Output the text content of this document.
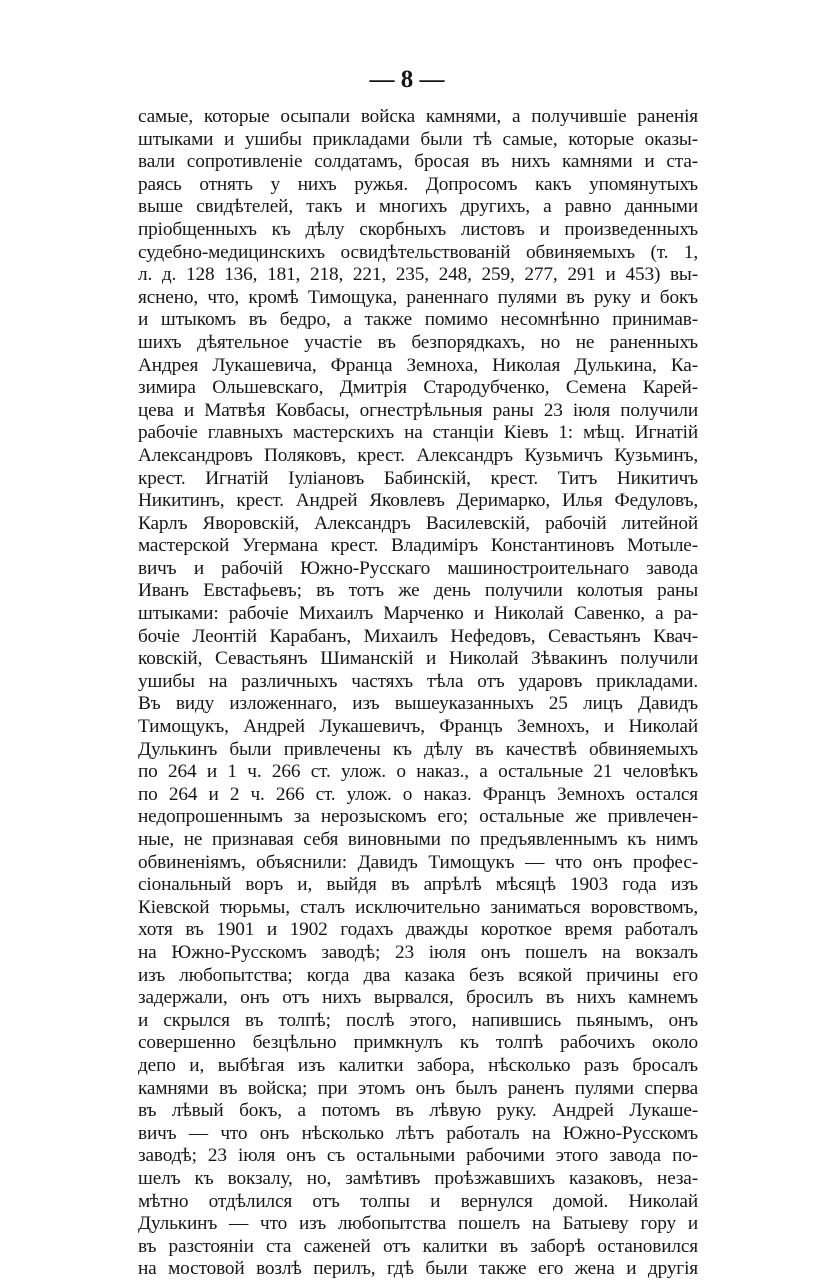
— 8 —
самые, которые осыпали войска камнями, а получившіе раненія
штыками и ушибы прикладами были тѣ самые, которые оказы-
вали сопротивленіе солдатамъ, бросая въ нихъ камнями и ста-
раясь отнять у нихъ ружья. Допросомъ какъ упомянутыхъ
выше свидѣтелей, такъ и многихъ другихъ, а равно данными
пріобщенныхъ къ дѣлу скорбныхъ листовъ и произведенныхъ
судебно-медицинскихъ освидѣтельствованій обвиняемыхъ (т. 1,
л. д. 128 136, 181, 218, 221, 235, 248, 259, 277, 291 и 453) вы-
яснено, что, кромѣ Тимощука, раненнаго пулями въ руку и бокъ
и штыкомъ въ бедро, а также помимо несомнѣнно принимав-
шихъ дѣятельное участіе въ безпорядкахъ, но не раненныхъ
Андрея Лукашевича, Франца Земноха, Николая Дулькина, Ка-
зимира Ольшевскаго, Дмитрія Стародубченко, Семена Карей-
цева и Матвѣя Ковбасы, огнестрѣльныя раны 23 іюля получили
рабочіе главныхъ мастерскихъ на станціи Кіевъ 1: мѣщ. Игнатій
Александровъ Поляковъ, крест. Александръ Кузьмичъ Кузьминъ,
крест. Игнатій Іуліановъ Бабинскій, крест. Титъ Никитичъ
Никитинъ, крест. Андрей Яковлевъ Деримарко, Илья Федуловъ,
Карлъ Яворовскій, Александръ Василевскій, рабочій литейной
мастерской Угермана крест. Владиміръ Константиновъ Мотыле-
вичъ и рабочій Южно-Русскаго машиностроительнаго завода
Иванъ Евстафьевъ; въ тотъ же день получили колотыя раны
штыками: рабочіе Михаилъ Марченко и Николай Савенко, а ра-
бочіе Леонтій Карабанъ, Михаилъ Нефедовъ, Севастьянъ Квач-
ковскій, Севастьянъ Шиманскій и Николай Зѣвакинъ получили
ушибы на различныхъ частяхъ тѣла отъ ударовъ прикладами.
Въ виду изложеннаго, изъ вышеуказанныхъ 25 лицъ Давидъ
Тимощукъ, Андрей Лукашевичъ, Францъ Земнохъ, и Николай
Дулькинъ были привлечены къ дѣлу въ качествѣ обвиняемыхъ
по 264 и 1 ч. 266 ст. улож. о наказ., а остальные 21 человѣкъ
по 264 и 2 ч. 266 ст. улож. о наказ. Францъ Земнохъ остался
недопрошеннымъ за нерозыскомъ его; остальные же привлечен-
ные, не признавая себя виновными по предъявленнымъ къ нимъ
обвиненіямъ, объяснили: Давидъ Тимощукъ — что онъ профес-
сіональный воръ и, выйдя въ апрѣлѣ мѣсяцѣ 1903 года изъ
Кіевской тюрьмы, сталъ исключительно заниматься воровствомъ,
хотя въ 1901 и 1902 годахъ дважды короткое время работалъ
на Южно-Русскомъ заводѣ; 23 іюля онъ пошелъ на вокзалъ
изъ любопытства; когда два казака безъ всякой причины его
задержали, онъ отъ нихъ вырвался, бросилъ въ нихъ камнемъ
и скрылся въ толпѣ; послѣ этого, напившись пьянымъ, онъ
совершенно безцѣльно примкнулъ къ толпѣ рабочихъ около
депо и, выбѣгая изъ калитки забора, нѣсколько разъ бросалъ
камнями въ войска; при этомъ онъ былъ раненъ пулями сперва
въ лѣвый бокъ, а потомъ въ лѣвую руку. Андрей Лукаше-
вичъ — что онъ нѣсколько лѣтъ работалъ на Южно-Русскомъ
заводѣ; 23 іюля онъ съ остальными рабочими этого завода по-
шелъ къ вокзалу, но, замѣтивъ проѣзжавшихъ казаковъ, неза-
мѣтно отдѣлился отъ толпы и вернулся домой. Николай
Дулькинъ — что изъ любопытства пошелъ на Батыеву гору и
въ разстояніи ста саженей отъ калитки въ заборѣ остановился
на мостовой возлѣ перилъ, гдѣ были также его жена и другія
